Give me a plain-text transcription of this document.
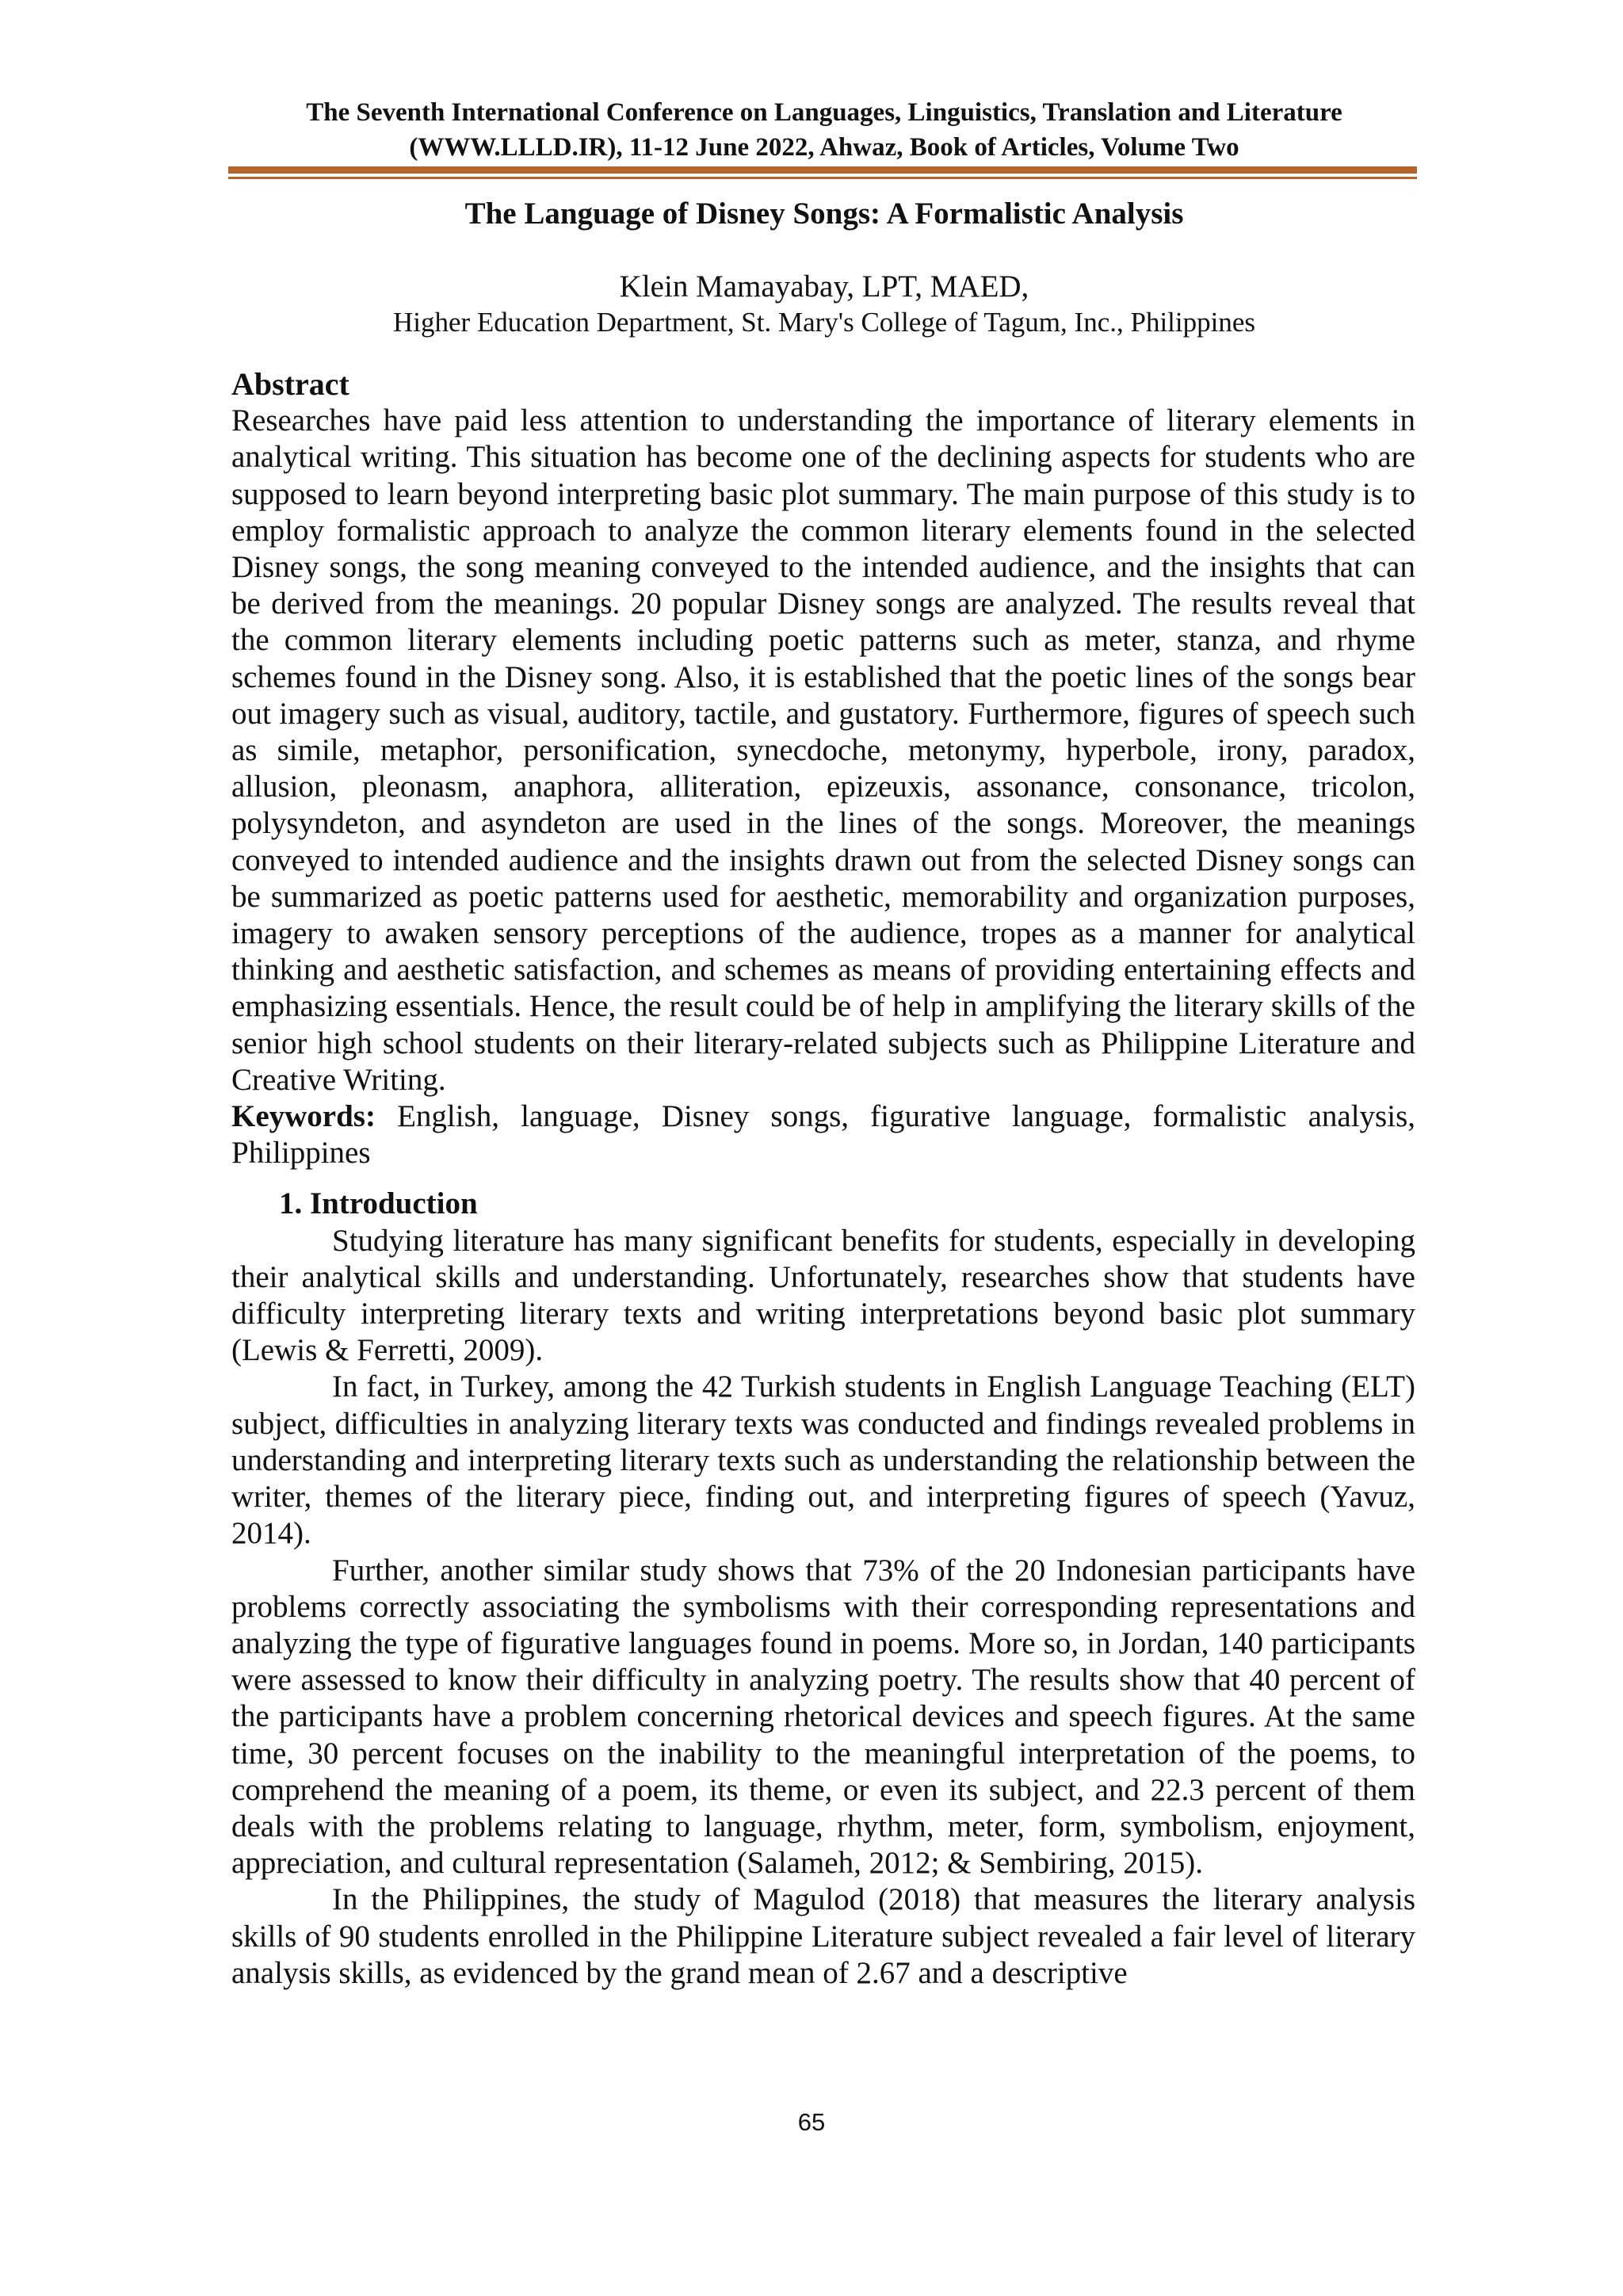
The Seventh International Conference on Languages, Linguistics, Translation and Literature
(WWW.LLLD.IR), 11-12 June 2022, Ahwaz, Book of Articles, Volume Two
The Language of Disney Songs: A Formalistic Analysis
Klein Mamayabay, LPT, MAED,
Higher Education Department, St. Mary's College of Tagum, Inc., Philippines

Abstract

Researches have paid less attention to understanding the importance of literary elements in analytical writing. This situation has become one of the declining aspects for students who are supposed to learn beyond interpreting basic plot summary. The main purpose of this study is to employ formalistic approach to analyze the common literary elements found in the selected Disney songs, the song meaning conveyed to the intended audience, and the insights that can be derived from the meanings. 20 popular Disney songs are analyzed. The results reveal that the common literary elements including poetic patterns such as meter, stanza, and rhyme schemes found in the Disney song. Also, it is established that the poetic lines of the songs bear out imagery such as visual, auditory, tactile, and gustatory. Furthermore, figures of speech such as simile, metaphor, personification, synecdoche, metonymy, hyperbole, irony, paradox, allusion, pleonasm, anaphora, alliteration, epizeuxis, assonance, consonance, tricolon, polysyndeton, and asyndeton are used in the lines of the songs. Moreover, the meanings conveyed to intended audience and the insights drawn out from the selected Disney songs can be summarized as poetic patterns used for aesthetic, memorability and organization purposes, imagery to awaken sensory perceptions of the audience, tropes as a manner for analytical thinking and aesthetic satisfaction, and schemes as means of providing entertaining effects and emphasizing essentials. Hence, the result could be of help in amplifying the literary skills of the senior high school students on their literary-related subjects such as Philippine Literature and Creative Writing.

Keywords: English, language, Disney songs, figurative language, formalistic analysis, Philippines

1. Introduction

Studying literature has many significant benefits for students, especially in developing their analytical skills and understanding. Unfortunately, researches show that students have difficulty interpreting literary texts and writing interpretations beyond basic plot summary (Lewis & Ferretti, 2009).

In fact, in Turkey, among the 42 Turkish students in English Language Teaching (ELT) subject, difficulties in analyzing literary texts was conducted and findings revealed problems in understanding and interpreting literary texts such as understanding the relationship between the writer, themes of the literary piece, finding out, and interpreting figures of speech (Yavuz, 2014).

Further, another similar study shows that 73% of the 20 Indonesian participants have problems correctly associating the symbolisms with their corresponding representations and analyzing the type of figurative languages found in poems. More so, in Jordan, 140 participants were assessed to know their difficulty in analyzing poetry. The results show that 40 percent of the participants have a problem concerning rhetorical devices and speech figures. At the same time, 30 percent focuses on the inability to the meaningful interpretation of the poems, to comprehend the meaning of a poem, its theme, or even its subject, and 22.3 percent of them deals with the problems relating to language, rhythm, meter, form, symbolism, enjoyment, appreciation, and cultural representation (Salameh, 2012; & Sembiring, 2015).

In the Philippines, the study of Magulod (2018) that measures the literary analysis skills of 90 students enrolled in the Philippine Literature subject revealed a fair level of literary analysis skills, as evidenced by the grand mean of 2.67 and a descriptive

65
